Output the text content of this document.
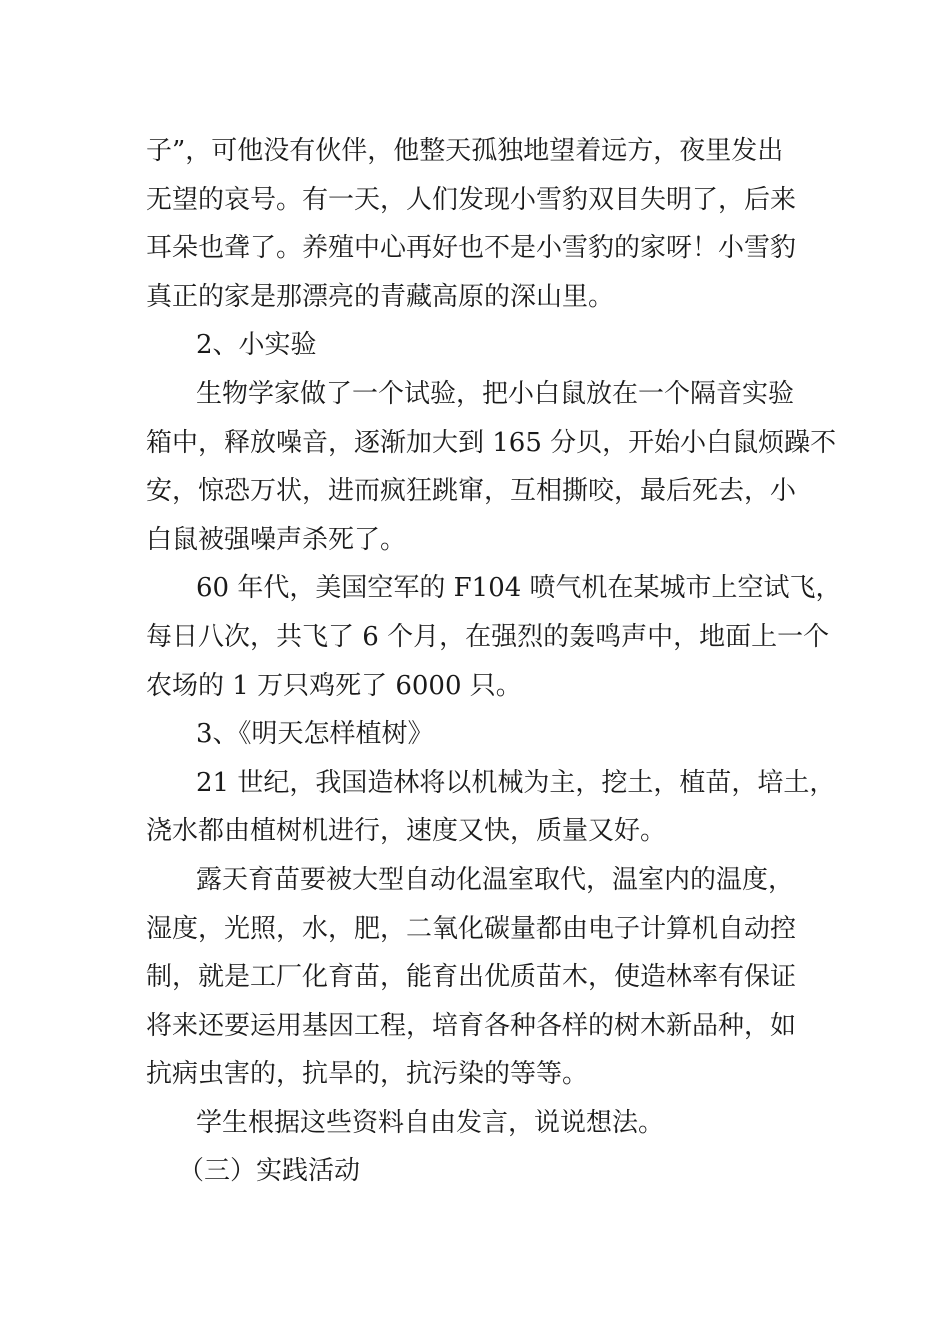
子”，可他没有伙伴，他整天孤独地望着远方，夜里发出
无望的哀号。有一天，人们发现小雪豹双目失明了，后来
耳朵也聋了。养殖中心再好也不是小雪豹的家呀！小雪豹
真正的家是那漂亮的青藏高原的深山里。
2、小实验
生物学家做了一个试验，把小白鼠放在一个隔音实验
箱中，释放噪音，逐渐加大到 165 分贝，开始小白鼠烦躁不
安，惊恐万状，进而疯狂跳窜，互相撕咬，最后死去，小
白鼠被强噪声杀死了。
60 年代，美国空军的 F104 喷气机在某城市上空试飞，
每日八次，共飞了 6 个月，在强烈的轰鸣声中，地面上一个
农场的 1 万只鸡死了 6000 只。
3、《明天怎样植树》
21 世纪，我国造林将以机械为主，挖土，植苗，培土，
浇水都由植树机进行，速度又快，质量又好。
露天育苗要被大型自动化温室取代，温室内的温度，
湿度，光照，水，肥，二氧化碳量都由电子计算机自动控
制，就是工厂化育苗，能育出优质苗木，使造林率有保证
将来还要运用基因工程，培育各种各样的树木新品种，如
抗病虫害的，抗旱的，抗污染的等等。
学生根据这些资料自由发言，说说想法。
（三）实践活动
